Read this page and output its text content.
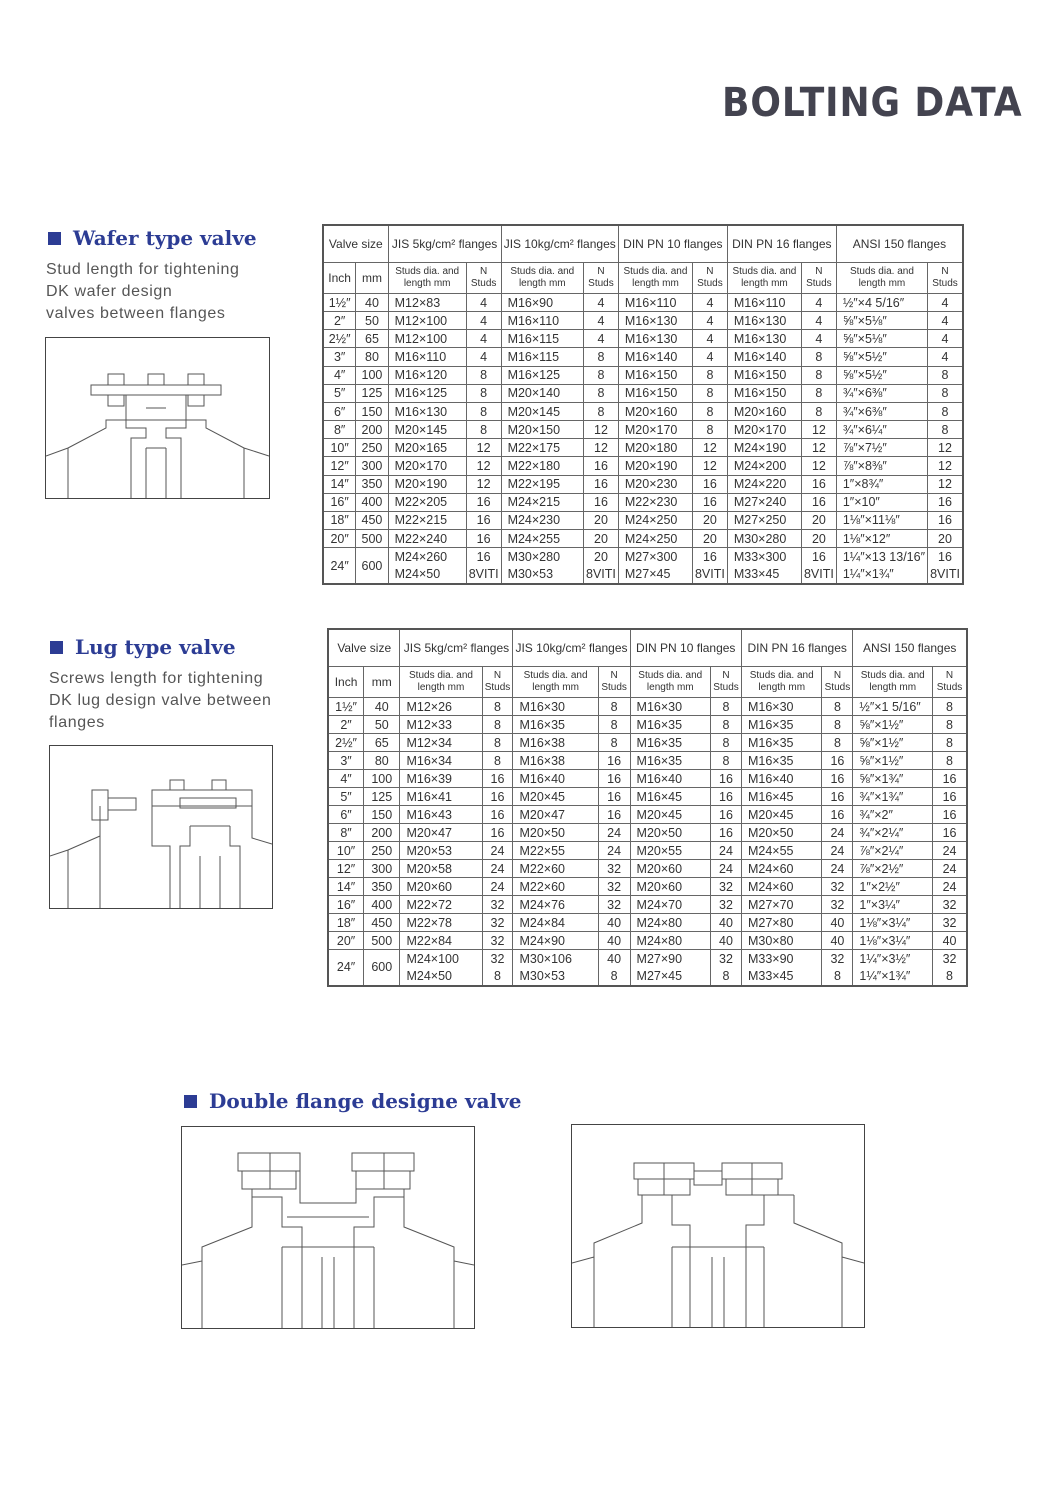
BOLTING DATA
Wafer type valve
Stud length for tightening
DK wafer design
valves between flanges
Valve size		JIS 5kg/cm² flanges		JIS 10kg/cm² flanges		DIN PN 10 flanges		DIN PN 16 flanges		ANSI 150 flanges	
Inch	mm	Studs dia. and length mm	N Studs	Studs dia. and length mm	N Studs	Studs dia. and length mm	N Studs	Studs dia. and length mm	N Studs	Studs dia. and length mm	N Studs
1½″	40	M12×83	4	M16×90	4	M16×110	4	M16×110	4	½″×4 5/16″	4
2″	50	M12×100	4	M16×110	4	M16×130	4	M16×130	4	⅝″×5⅛″	4
2½″	65	M12×100	4	M16×115	4	M16×130	4	M16×130	4	⅝″×5⅛″	4
3″	80	M16×110	4	M16×115	8	M16×140	4	M16×140	8	⅝″×5½″	4
4″	100	M16×120	8	M16×125	8	M16×150	8	M16×150	8	⅝″×5½″	8
5″	125	M16×125	8	M20×140	8	M16×150	8	M16×150	8	¾″×6⅜″	8
6″	150	M16×130	8	M20×145	8	M20×160	8	M20×160	8	¾″×6⅜″	8
8″	200	M20×145	8	M20×150	12	M20×170	8	M20×170	12	¾″×6¼″	8
10″	250	M20×165	12	M22×175	12	M20×180	12	M24×190	12	⅞″×7½″	12
12″	300	M20×170	12	M22×180	16	M20×190	12	M24×200	12	⅞″×8⅜″	12
14″	350	M20×190	12	M22×195	16	M20×230	16	M24×220	16	1″×8¾″	12
16″	400	M22×205	16	M24×215	16	M22×230	16	M27×240	16	1″×10″	16
18″	450	M22×215	16	M24×230	20	M24×250	20	M27×250	20	1⅛″×11⅛″	16
20″	500	M22×240	16	M24×255	20	M24×250	20	M30×280	20	1⅛″×12″	20
24″	600	M24×260	16	M30×280	20	M27×300	16	M33×300	16	1¼″×13 13/16″	16
		M24×50	8VITI	M30×53	8VITI	M27×45	8VITI	M33×45	8VITI	1¼″×1¾″	8VITI
Lug type valve
Screws length for tightening
DK lug design valve between
flanges
Valve size		JIS 5kg/cm² flanges		JIS 10kg/cm² flanges		DIN PN 10 flanges		DIN PN 16 flanges		ANSI 150 flanges	
Inch	mm	Studs dia. and length mm	N Studs	Studs dia. and length mm	N Studs	Studs dia. and length mm	N Studs	Studs dia. and length mm	N Studs	Studs dia. and length mm	N Studs
1½″	40	M12×26	8	M16×30	8	M16×30	8	M16×30	8	½″×1 5/16″	8
2″	50	M12×33	8	M16×35	8	M16×35	8	M16×35	8	⅝″×1½″	8
2½″	65	M12×34	8	M16×38	8	M16×35	8	M16×35	8	⅝″×1½″	8
3″	80	M16×34	8	M16×38	16	M16×35	8	M16×35	16	⅝″×1½″	8
4″	100	M16×39	16	M16×40	16	M16×40	16	M16×40	16	⅝″×1¾″	16
5″	125	M16×41	16	M20×45	16	M16×45	16	M16×45	16	¾″×1¾″	16
6″	150	M16×43	16	M20×47	16	M20×45	16	M20×45	16	¾″×2″	16
8″	200	M20×47	16	M20×50	24	M20×50	16	M20×50	24	¾″×2¼″	16
10″	250	M20×53	24	M22×55	24	M20×55	24	M24×55	24	⅞″×2¼″	24
12″	300	M20×58	24	M22×60	32	M20×60	24	M24×60	24	⅞″×2½″	24
14″	350	M20×60	24	M22×60	32	M20×60	32	M24×60	32	1″×2½″	24
16″	400	M22×72	32	M24×76	32	M24×70	32	M27×70	32	1″×3¼″	32
18″	450	M22×78	32	M24×84	40	M24×80	40	M27×80	40	1⅛″×3¼″	32
20″	500	M22×84	32	M24×90	40	M24×80	40	M30×80	40	1⅛″×3¼″	40
24″	600	M24×100	32	M30×106	40	M27×90	32	M33×90	32	1¼″×3½″	32
		M24×50	8	M30×53	8	M27×45	8	M33×45	8	1¼″×1¾″	8
Double flange designe valve
